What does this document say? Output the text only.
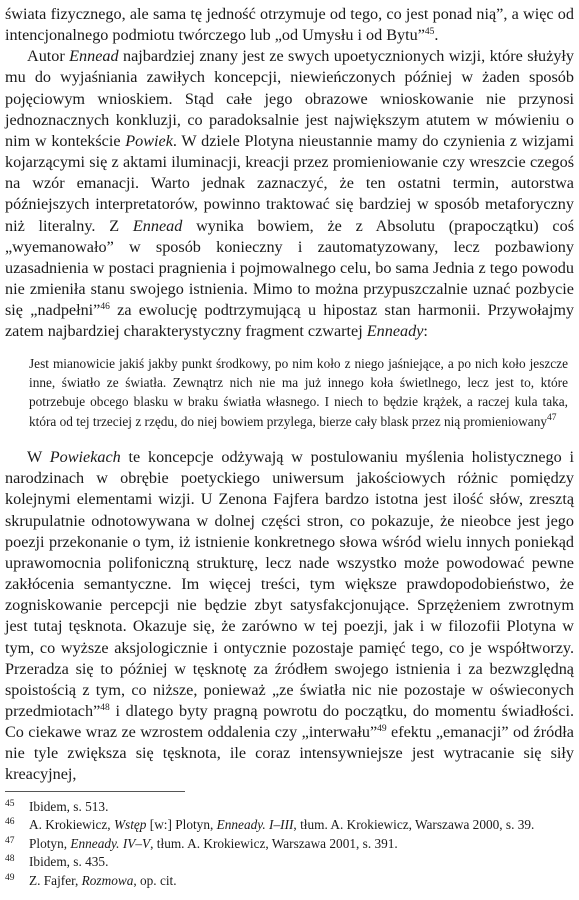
świata fizycznego, ale sama tę jedność otrzymuje od tego, co jest ponad nią”, a więc od intencjonalnego podmiotu twórczego lub „od Umysłu i od Bytu”$^{45}$.

Autor Ennead najbardziej znany jest ze swych upoetycznionych wizji, które służyły mu do wyjaśniania zawiłych koncepcji, niewieńczonych później w żaden sposób pojęciowym wnioskiem. Stąd całe jego obrazowe wnioskowanie nie przynosi jednoznacznych konkluzji, co paradoksalnie jest największym atutem w mówieniu o nim w kontekście Powiek. W dziele Plotyna nieustannie mamy do czynienia z wizjami kojarzącymi się z aktami iluminacji, kreacji przez promieniowanie czy wreszcie czegoś na wzór emanacji. Warto jednak zaznaczyć, że ten ostatni termin, autorstwa późniejszych interpretatorów, powinno traktować się bardziej w sposób metaforyczny niż literalny. Z Ennead wynika bowiem, że z Absolutu (prapoczątku) coś „wyemanowało” w sposób konieczny i zautomatyzowany, lecz pozbawiony uzasadnienia w postaci pragnienia i pojmowalnego celu, bo sama Jednia z tego powodu nie zmieniła stanu swojego istnienia. Mimo to można przypuszczalnie uznać pozbycie się „nadpełni”$^{46}$ za ewolucję podtrzymującą u hipostaz stan harmonii. Przywołajmy zatem najbardziej charakterystyczny fragment czwartej Enneady:

Jest mianowicie jakiś jakby punkt środkowy, po nim koło z niego jaśniejące, a po nich koło jeszcze inne, światło ze światła. Zewnątrz nich nie ma już innego koła świetlnego, lecz jest to, które potrzebuje obcego blasku w braku światła własnego. I niech to będzie krążek, a raczej kula taka, która od tej trzeciej z rzędu, do niej bowiem przylega, bierze cały blask przez nią promieniowany$^{47}$

W Powiekach te koncepcje odżywają w postulowaniu myślenia holistycznego i narodzinach w obrębie poetyckiego uniwersum jakościowych różnic pomiędzy kolejnymi elementami wizji. U Zenona Fajfera bardzo istotna jest ilość słów, zresztą skrupulatnie odnotowywana w dolnej części stron, co pokazuje, że nieobce jest jego poezji przekonanie o tym, iż istnienie konkretnego słowa wśród wielu innych poniekąd uprawomocnia polifoniczną strukturę, lecz nade wszystko może powodować pewne zakłócenia semantyczne. Im więcej treści, tym większe prawdopodobieństwo, że zogniskowanie percepcji nie będzie zbyt satysfakcjonujące. Sprzężeniem zwrotnym jest tutaj tęsknota. Okazuje się, że zarówno w tej poezji, jak i w filozofii Plotyna w tym, co wyższe aksjologicznie i ontycznie pozostaje pamięć tego, co je współtworzy. Przeradza się to później w tęsknotę za źródłem swojego istnienia i za bezwzględną spoistością z tym, co niższe, ponieważ „ze światła nic nie pozostaje w oświeconych przedmiotach”$^{48}$ i dlatego byty pragną powrotu do początku, do momentu świadłości. Co ciekawe wraz ze wzrostem oddalenia czy „interwału”$^{49}$ efektu „emanacji” od źródła nie tyle zwiększa się tęsknota, ile coraz intensywniejsze jest wytracanie się siły kreacyjnej,

45 Ibidem, s. 513.

46 A. Krokiewicz, Wstęp [w:] Plotyn, Enneady. I–III, tłum. A. Krokiewicz, Warszawa 2000, s. 39.

47 Plotyn, Enneady. IV–V, tłum. A. Krokiewicz, Warszawa 2001, s. 391.

48 Ibidem, s. 435.

49 Z. Fajfer, Rozmowa, op. cit.
